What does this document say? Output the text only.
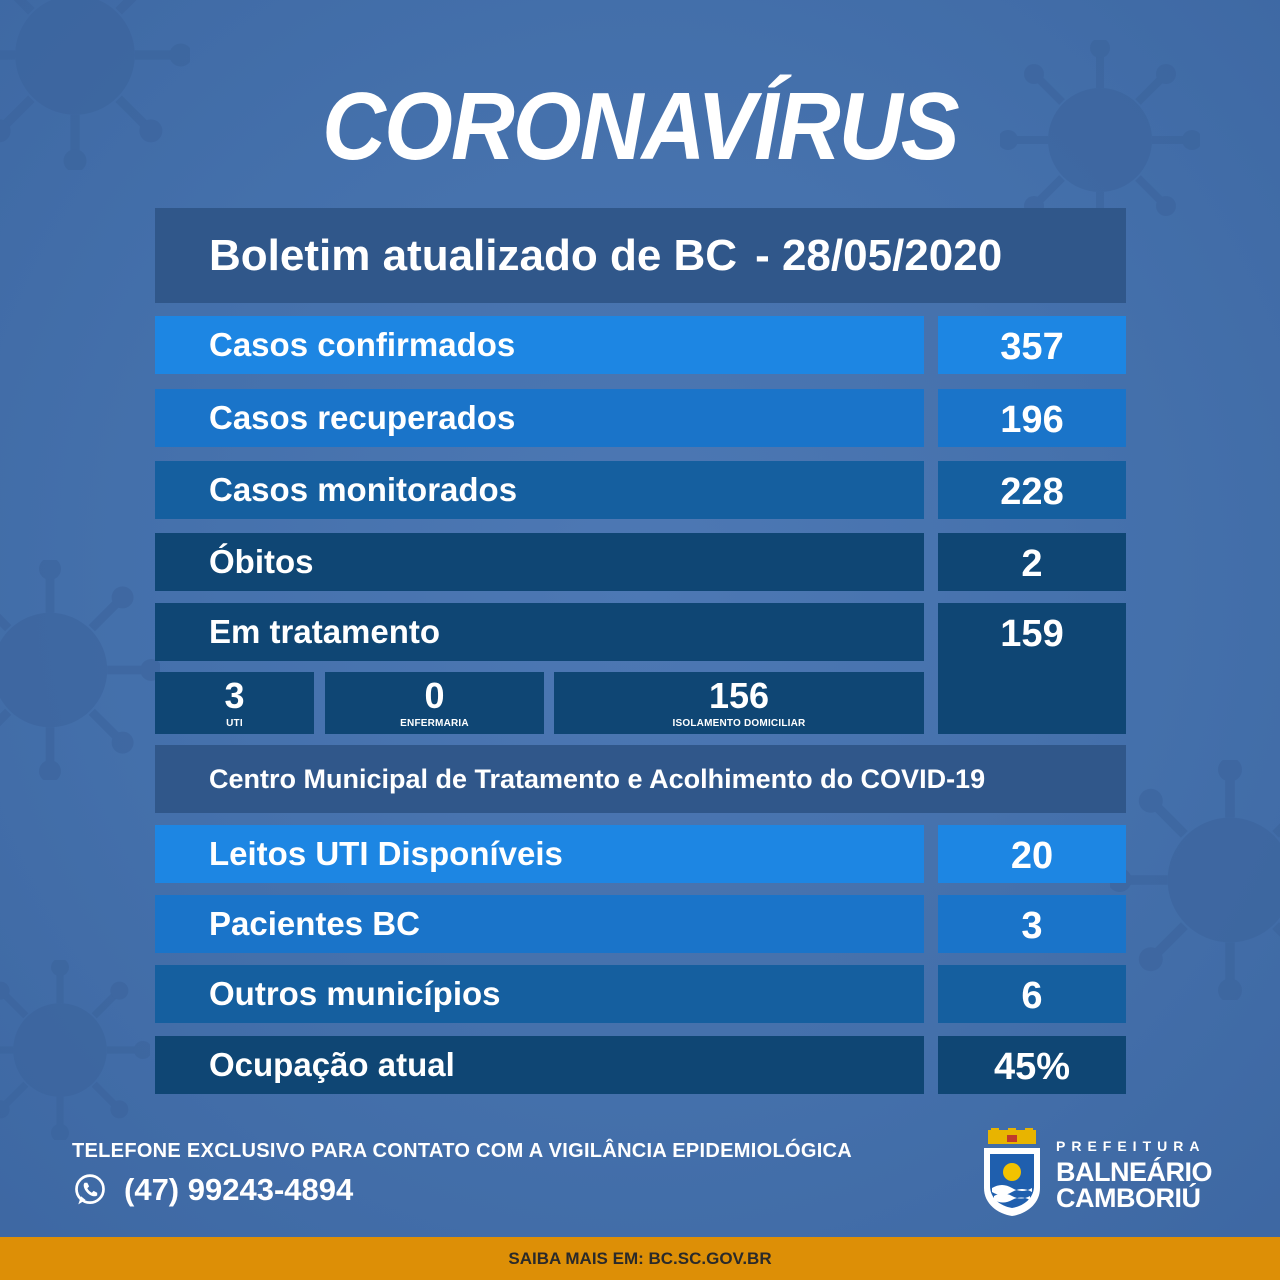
CORONAVÍRUS
Boletim atualizado de BC - 28/05/2020
Casos confirmados	357
Casos recuperados	196
Casos monitorados	228
Óbitos	2
Em tratamento	159
3
UTI
0
ENFERMARIA
156
ISOLAMENTO DOMICILIAR
Centro Municipal de Tratamento e Acolhimento do COVID-19
Leitos UTI Disponíveis	20
Pacientes BC	3
Outros municípios	6
Ocupação atual	45%
TELEFONE EXCLUSIVO PARA CONTATO COM A VIGILÂNCIA EPIDEMIOLÓGICA
(47) 99243-4894
PREFEITURA
BALNEÁRIO
CAMBORIÚ
SAIBA MAIS EM: BC.SC.GOV.BR
